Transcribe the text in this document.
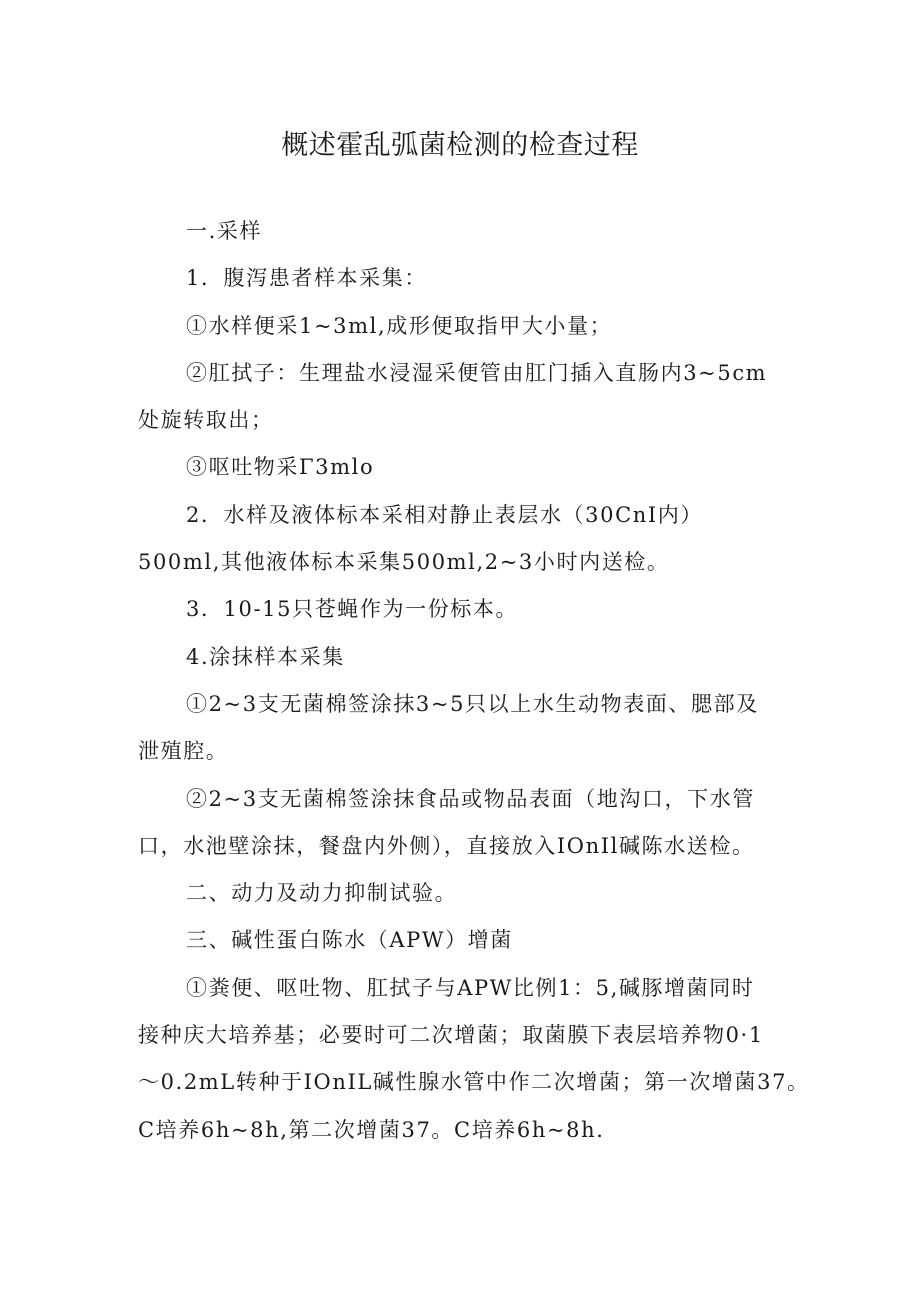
概述霍乱弧菌检测的检查过程

一.采样

1．腹泻患者样本采集：

①水样便采1~3ml,成形便取指甲大小量；

②肛拭子：生理盐水浸湿采便管由肛门插入直肠内3~5cm

处旋转取出；

③呕吐物采Γ3mlo

2．水样及液体标本采相对静止表层水（30CnI内）

500ml,其他液体标本采集500ml,2~3小时内送检。

3．10-15只苍蝇作为一份标本。

4.涂抹样本采集

①2~3支无菌棉签涂抹3~5只以上水生动物表面、腮部及

泄殖腔。

②2~3支无菌棉签涂抹食品或物品表面（地沟口，下水管

口，水池壁涂抹，餐盘内外侧），直接放入IOnIl碱陈水送检。

二、动力及动力抑制试验。

三、碱性蛋白陈水（APW）增菌

①粪便、呕吐物、肛拭子与APW比例1：5,碱豚增菌同时

接种庆大培养基；必要时可二次增菌；取菌膜下表层培养物0·1

～0.2mL转种于IOnIL碱性腺水管中作二次增菌；第一次增菌37。

C培养6h~8h,第二次增菌37。C培养6h~8h.
